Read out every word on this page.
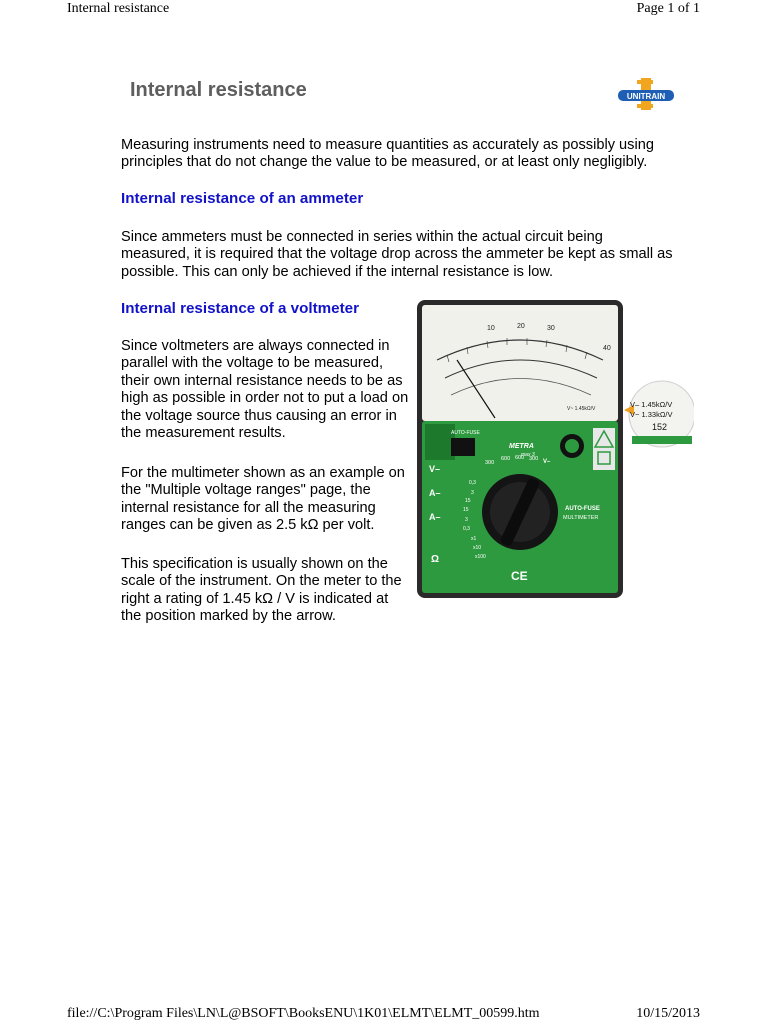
Internal resistance	Page 1 of 1
Internal resistance	UNITRAIN

Measuring instruments need to measure quantities as accurately as possibly using
principles that do not change the value to be measured, or at least only negligibly.

Internal resistance of an ammeter

Since ammeters must be connected in series within the actual circuit being
measured, it is required that the voltage drop across the ammeter be kept as small as
possible. This can only be achieved if the internal resistance is low.

Internal resistance of a voltmeter

Since voltmeters are always connected in
parallel with the voltage to be measured,
their own internal resistance needs to be as
high as possible in order not to put a load on
the voltage source thus causing an error in
the measurement results.

For the multimeter shown as an example on
the "Multiple voltage ranges" page, the
internal resistance for all the measuring
ranges can be given as 2.5 kΩ per volt.

This specification is usually shown on the
scale of the instrument. On the meter to the
right a rating of 1.45 kΩ / V is indicated at
the position marked by the arrow.

10	20	30
40
V~ 1.45kΩ/V
V–
A–
A–
Ω
AUTO-FUSE
METRA
max 3
300
600 600 300 V–
0,3
3
15
15
3
0,3
x1
x10
x100
AUTO-FUSE
MULTIMETER
CE
V– 1.45kΩ/V
V~ 1.33kΩ/V
152
file://C:\Program Files\LN\L@BSOFT\BooksENU\1K01\ELMT\ELMT_00599.htm	10/15/2013
